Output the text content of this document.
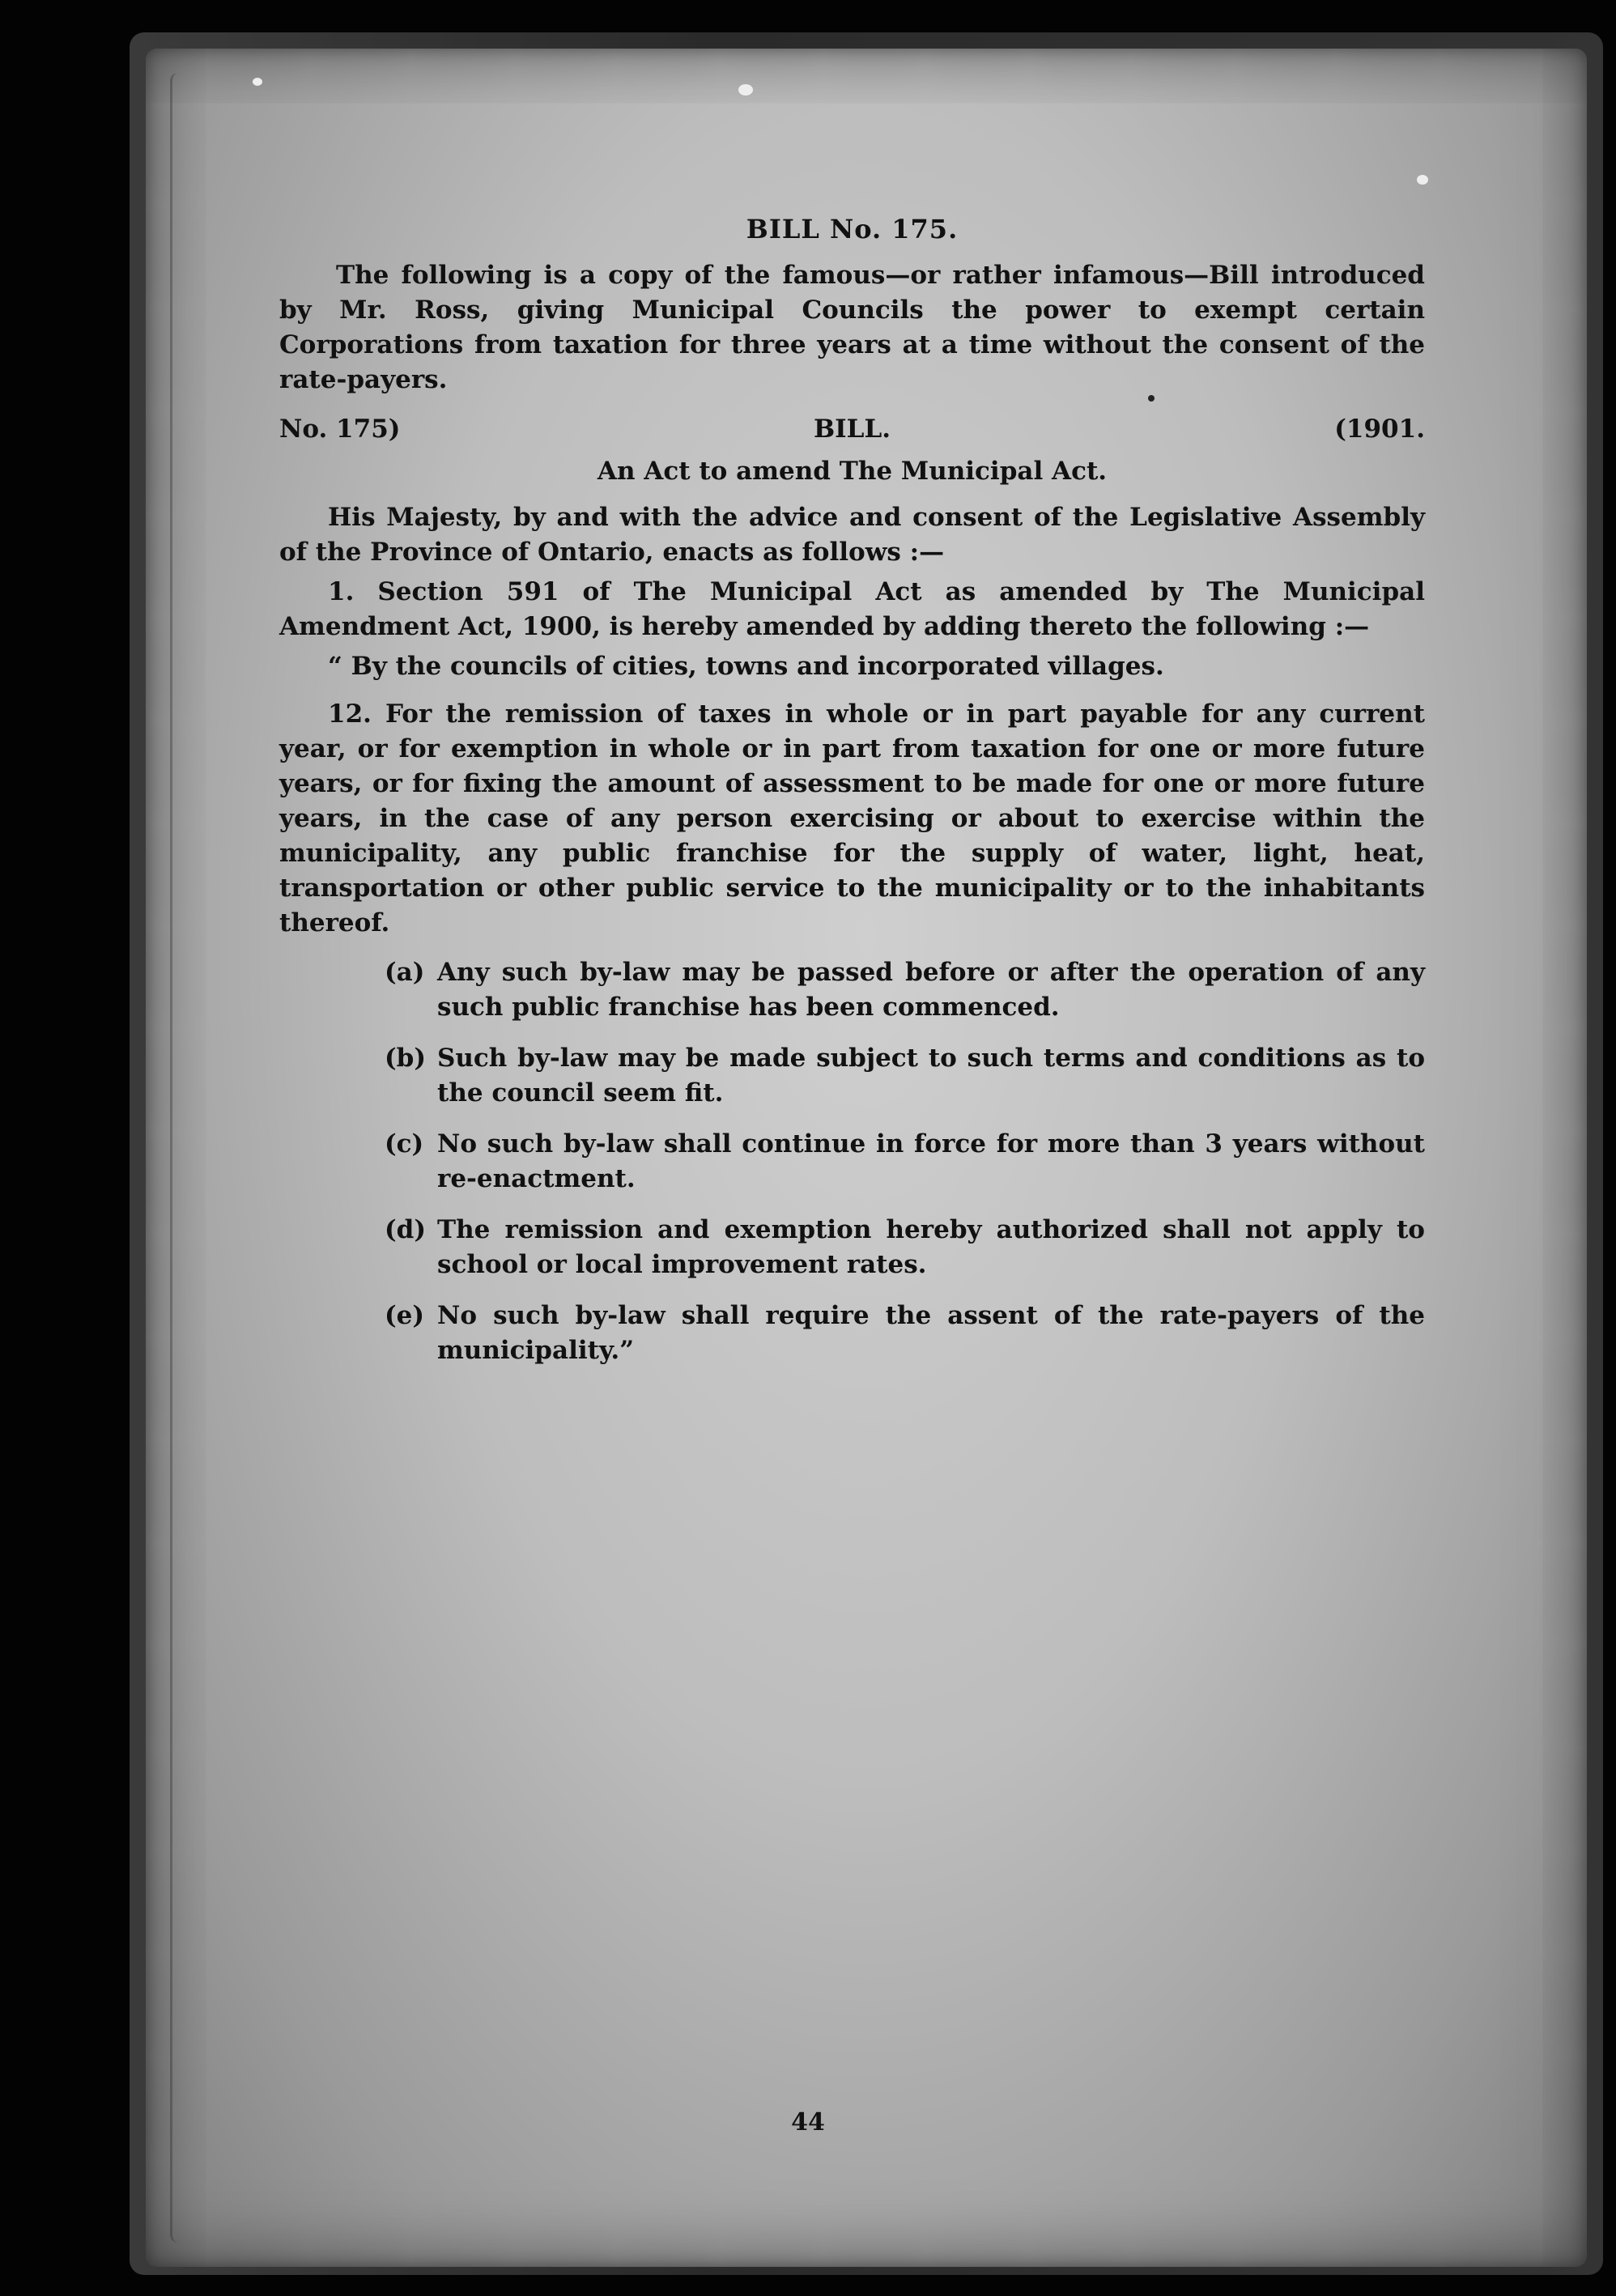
BILL No. 175.

The following is a copy of the famous—or rather infamous—Bill introduced by Mr. Ross, giving Municipal Councils the power to exempt certain Corporations from taxation for three years at a time without the consent of the rate-payers.

No. 175)	BILL.	(1901.
An Act to amend The Municipal Act.

His Majesty, by and with the advice and consent of the Legislative Assembly of the Province of Ontario, enacts as follows :—

1. Section 591 of The Municipal Act as amended by The Municipal Amendment Act, 1900, is hereby amended by adding thereto the following :—

“ By the councils of cities, towns and incorporated villages.

12. For the remission of taxes in whole or in part payable for any current year, or for exemption in whole or in part from taxation for one or more future years, or for fixing the amount of assessment to be made for one or more future years, in the case of any person exercising or about to exercise within the municipality, any public franchise for the supply of water, light, heat, transportation or other public service to the municipality or to the inhabitants thereof.

(a) Any such by-law may be passed before or after the operation of any such public franchise has been commenced.
(b) Such by-law may be made subject to such terms and conditions as to the council seem fit.
(c) No such by-law shall continue in force for more than 3 years without re-enactment.
(d) The remission and exemption hereby authorized shall not apply to school or local improvement rates.
(e) No such by-law shall require the assent of the rate-payers of the municipality.”
44
